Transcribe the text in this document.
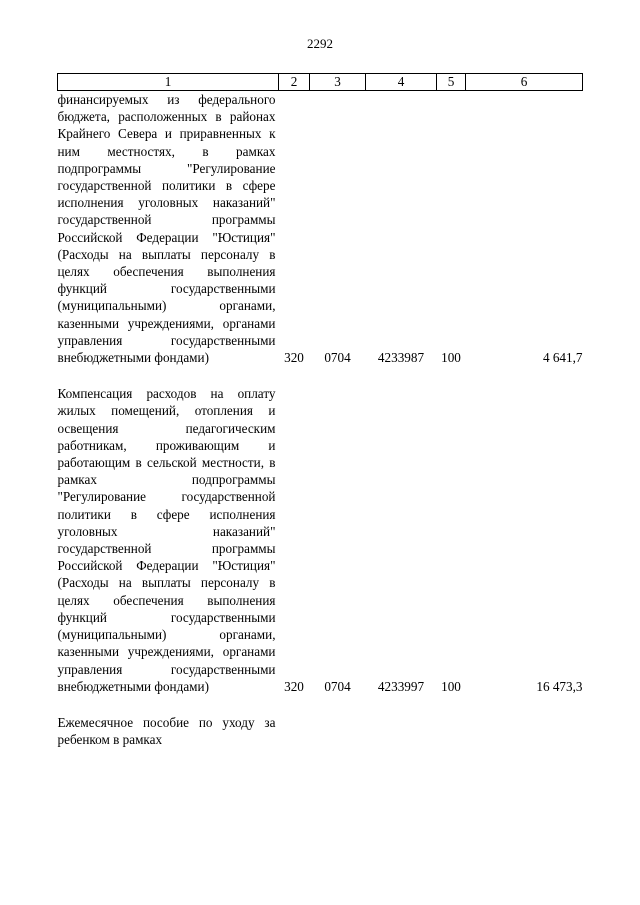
2292
1	2	3	4	5	6
финансируемых из федерального бюджета, расположенных в районах Крайнего Севера и приравненных к ним местностях, в рамках подпрограммы "Регулирование государственной политики в сфере исполнения уголовных наказаний" государственной программы Российской Федерации "Юстиция" (Расходы на выплаты персоналу в целях обеспечения выполнения функций государственными (муниципальными) органами, казенными учреждениями, органами управления государственными внебюджетными фондами)	320	0704	4233987	100	4 641,7

Компенсация расходов на оплату жилых помещений, отопления и освещения педагогическим работникам, проживающим и работающим в сельской местности, в рамках подпрограммы "Регулирование государственной политики в сфере исполнения уголовных наказаний" государственной программы Российской Федерации "Юстиция" (Расходы на выплаты персоналу в целях обеспечения выполнения функций государственными (муниципальными) органами, казенными учреждениями, органами управления государственными внебюджетными фондами)	320	0704	4233997	100	16 473,3

Ежемесячное пособие по уходу за ребенком в рамках					
